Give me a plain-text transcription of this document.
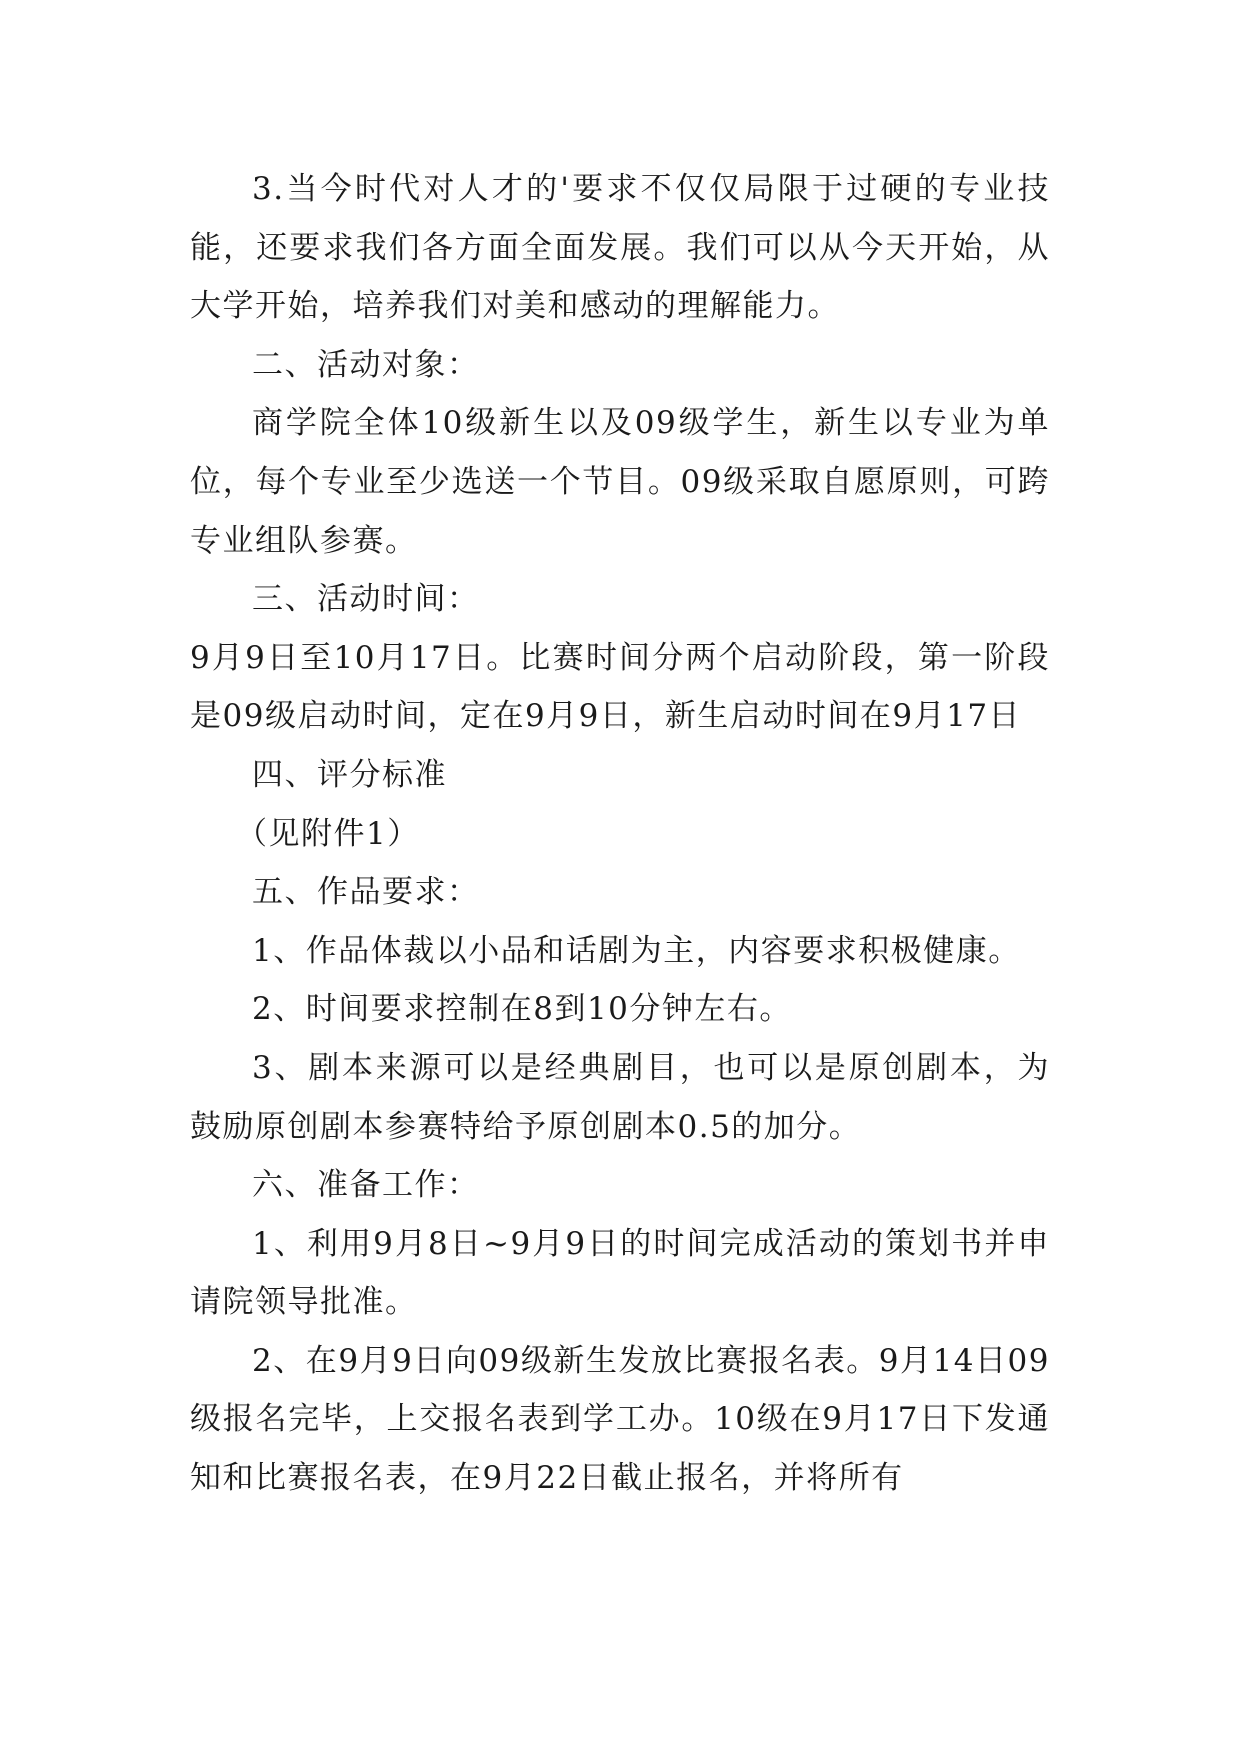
3.当今时代对人才的'要求不仅仅局限于过硬的专业技能，还要求我们各方面全面发展。我们可以从今天开始，从大学开始，培养我们对美和感动的理解能力。

二、活动对象：

商学院全体10级新生以及09级学生，新生以专业为单位，每个专业至少选送一个节目。09级采取自愿原则，可跨专业组队参赛。

三、活动时间：

9月9日至10月17日。比赛时间分两个启动阶段，第一阶段是09级启动时间，定在9月9日，新生启动时间在9月17日

四、评分标准

（见附件1）

五、作品要求：

1、作品体裁以小品和话剧为主，内容要求积极健康。

2、时间要求控制在8到10分钟左右。

3、剧本来源可以是经典剧目，也可以是原创剧本，为鼓励原创剧本参赛特给予原创剧本0.5的加分。

六、准备工作：

1、利用9月8日~9月9日的时间完成活动的策划书并申请院领导批准。

2、在9月9日向09级新生发放比赛报名表。9月14日09级报名完毕，上交报名表到学工办。10级在9月17日下发通知和比赛报名表，在9月22日截止报名，并将所有
